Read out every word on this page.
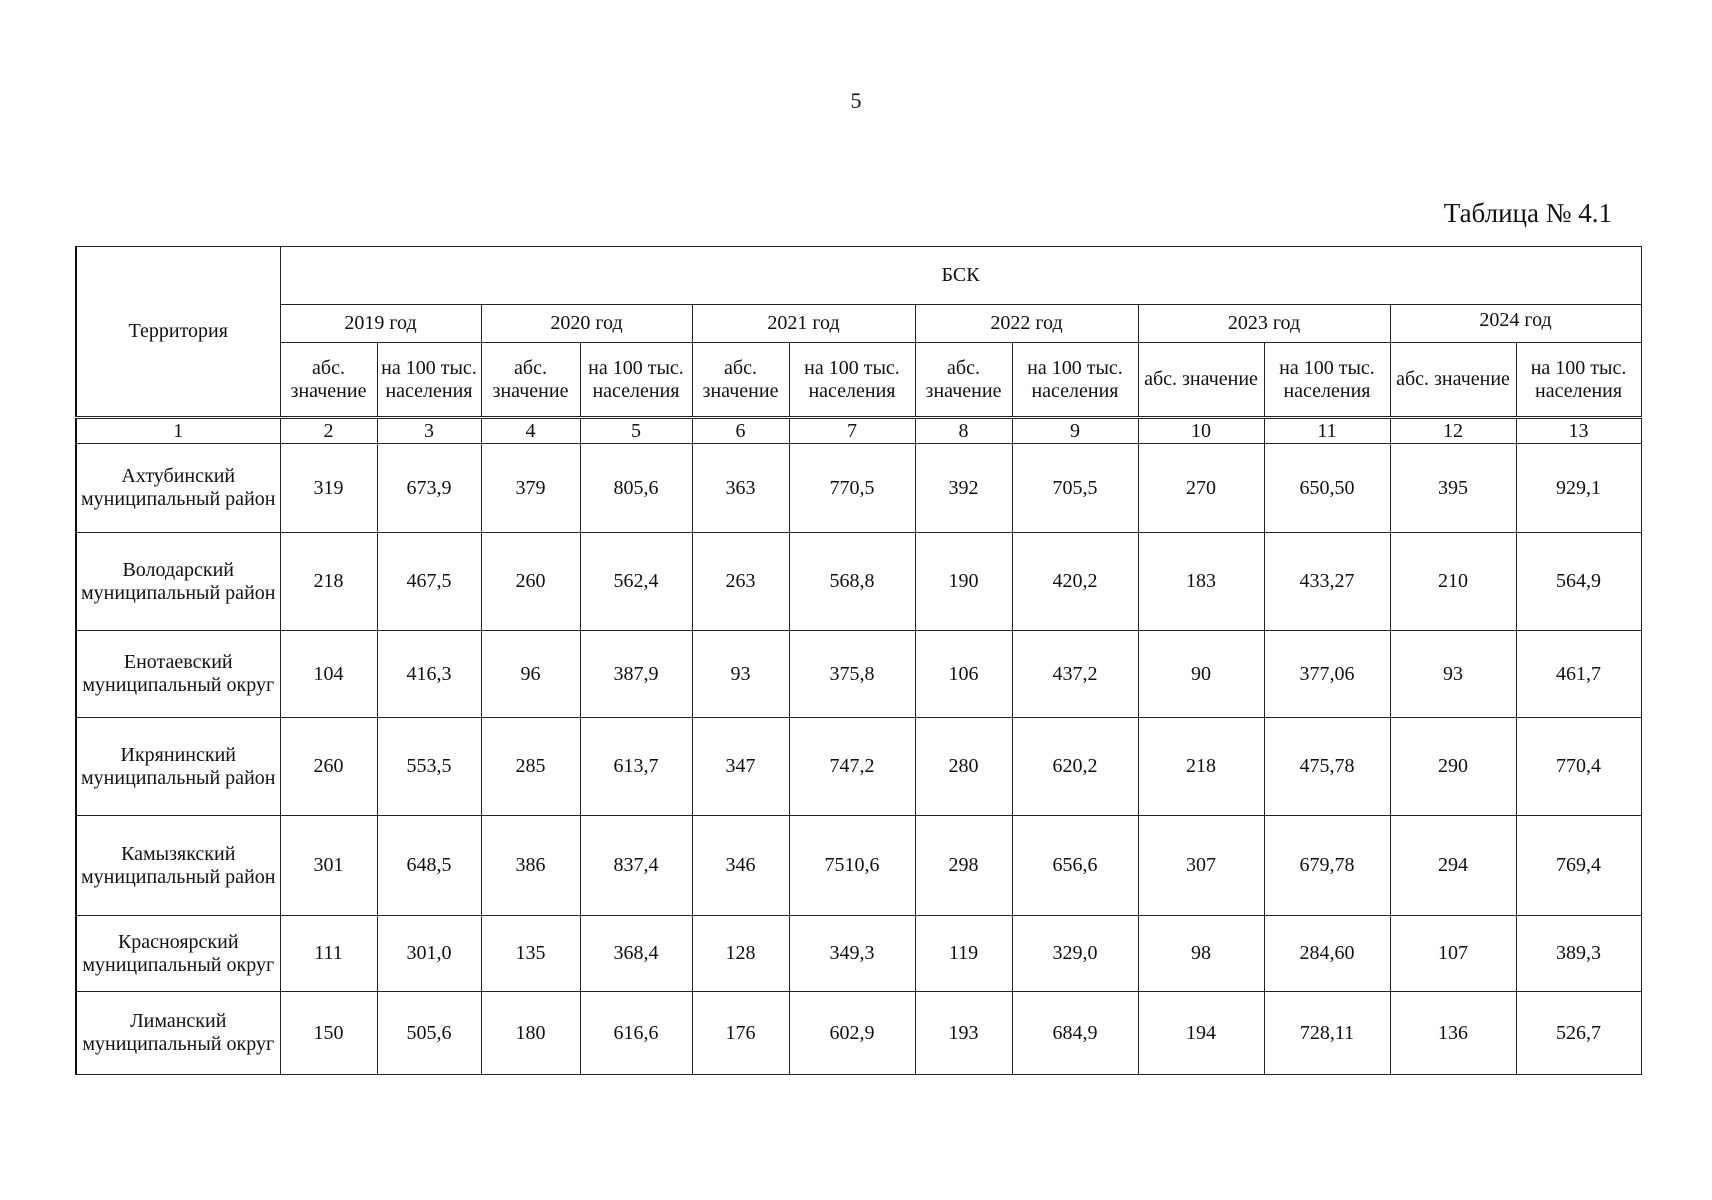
5
Таблица № 4.1
Территория	БСК											
	2019 год		2020 год		2021 год		2022 год		2023 год		2024 год	
	абс. значение	на 100 тыс. населения	абс. значение	на 100 тыс. населения	абс. значение	на 100 тыс. населения	абс. значение	на 100 тыс. населения	абс. значение	на 100 тыс. населения	абс. значение	на 100 тыс. населения
1	2	3	4	5	6	7	8	9	10	11	12	13
Ахтубинский муниципальный район	319	673,9	379	805,6	363	770,5	392	705,5	270	650,50	395	929,1
Володарский муниципальный район	218	467,5	260	562,4	263	568,8	190	420,2	183	433,27	210	564,9
Енотаевский муниципальный округ	104	416,3	96	387,9	93	375,8	106	437,2	90	377,06	93	461,7
Икрянинский муниципальный район	260	553,5	285	613,7	347	747,2	280	620,2	218	475,78	290	770,4
Камызякский муниципальный район	301	648,5	386	837,4	346	7510,6	298	656,6	307	679,78	294	769,4
Красноярский муниципальный округ	111	301,0	135	368,4	128	349,3	119	329,0	98	284,60	107	389,3
Лиманский муниципальный округ	150	505,6	180	616,6	176	602,9	193	684,9	194	728,11	136	526,7
